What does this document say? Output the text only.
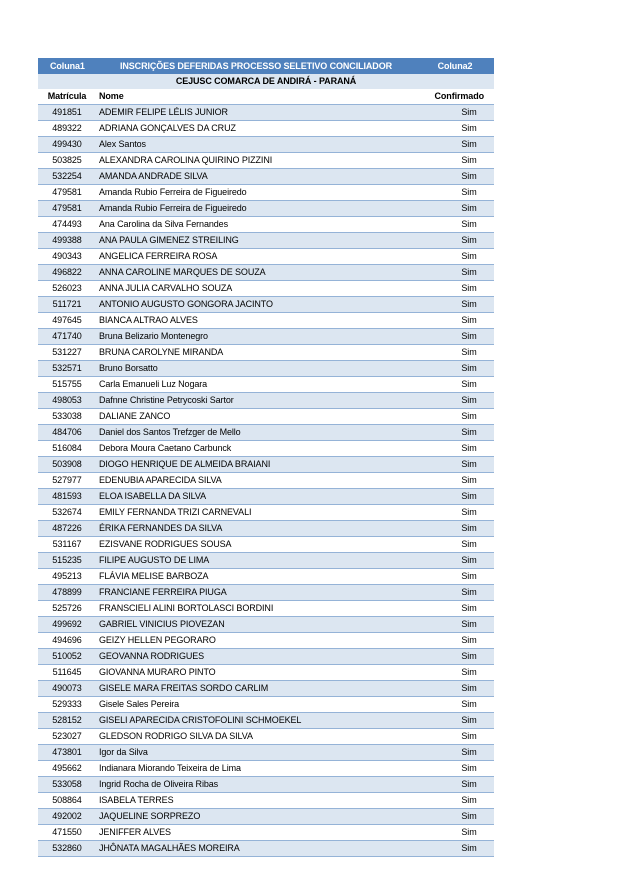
Coluna1	INSCRIÇÕES DEFERIDAS PROCESSO SELETIVO CONCILIADOR	Coluna2
CEJUSC COMARCA DE ANDIRÁ - PARANÁ		
Matrícula	Nome	Confirmado
491851	ADEMIR FELIPE LÉLIS JUNIOR	Sim
489322	ADRIANA GONÇALVES DA CRUZ	Sim
499430	Alex Santos	Sim
503825	ALEXANDRA CAROLINA QUIRINO PIZZINI	Sim
532254	AMANDA ANDRADE SILVA	Sim
479581	Amanda Rubio Ferreira de Figueiredo	Sim
479581	Amanda Rubio Ferreira de Figueiredo	Sim
474493	Ana Carolina da Silva Fernandes	Sim
499388	ANA PAULA GIMENEZ STREILING	Sim
490343	ANGELICA FERREIRA ROSA	Sim
496822	ANNA CAROLINE MARQUES DE SOUZA	Sim
526023	ANNA JULIA CARVALHO SOUZA	Sim
511721	ANTONIO AUGUSTO GONGORA JACINTO	Sim
497645	BIANCA ALTRAO ALVES	Sim
471740	Bruna Belizario Montenegro	Sim
531227	BRUNA CAROLYNE MIRANDA	Sim
532571	Bruno Borsatto	Sim
515755	Carla Emanueli Luz Nogara	Sim
498053	Dafnne Christine Petrycoski Sartor	Sim
533038	DALIANE ZANCO	Sim
484706	Daniel dos Santos Trefzger de Mello	Sim
516084	Debora Moura Caetano Carbunck	Sim
503908	DIOGO HENRIQUE DE ALMEIDA BRAIANI	Sim
527977	EDENUBIA APARECIDA SILVA	Sim
481593	ELOA ISABELLA DA SILVA	Sim
532674	EMILY FERNANDA TRIZI CARNEVALI	Sim
487226	ÉRIKA FERNANDES DA SILVA	Sim
531167	EZISVANE RODRIGUES SOUSA	Sim
515235	FILIPE AUGUSTO DE LIMA	Sim
495213	FLÁVIA MELISE BARBOZA	Sim
478899	FRANCIANE FERREIRA PIUGA	Sim
525726	FRANSCIELI ALINI BORTOLASCI BORDINI	Sim
499692	GABRIEL VINICIUS PIOVEZAN	Sim
494696	GEIZY HELLEN PEGORARO	Sim
510052	GEOVANNA RODRIGUES	Sim
511645	GIOVANNA MURARO PINTO	Sim
490073	GISELE MARA FREITAS SORDO CARLIM	Sim
529333	Gisele Sales Pereira	Sim
528152	GISELI APARECIDA CRISTOFOLINI SCHMOEKEL	Sim
523027	GLEDSON RODRIGO SILVA DA SILVA	Sim
473801	Igor da Silva	Sim
495662	Indianara Miorando Teixeira de Lima	Sim
533058	Ingrid Rocha de Oliveira Ribas	Sim
508864	ISABELA TERRES	Sim
492002	JAQUELINE SORPREZO	Sim
471550	JENIFFER ALVES	Sim
532860	JHÔNATA MAGALHÃES MOREIRA	Sim
